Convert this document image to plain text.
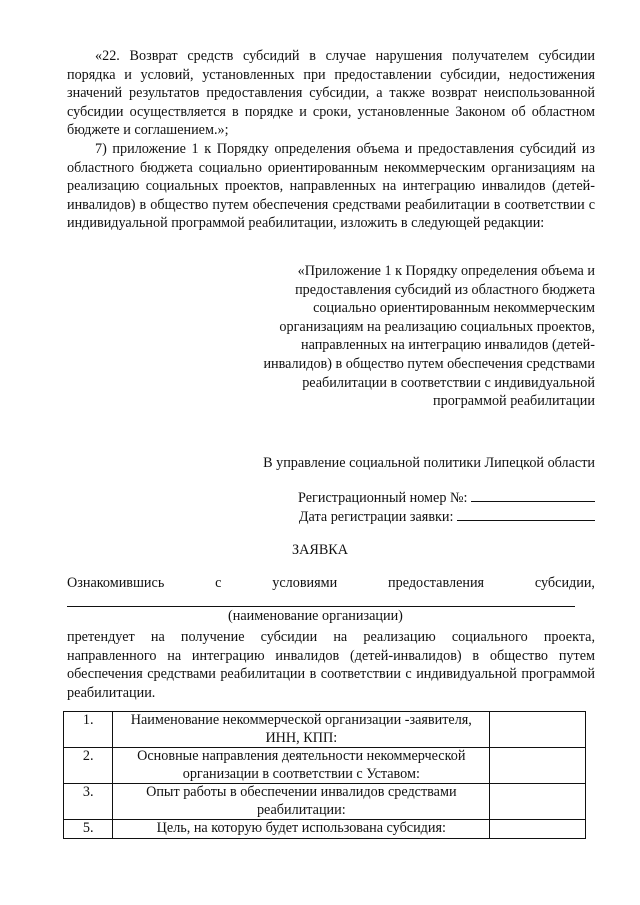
«22. Возврат средств субсидий в случае нарушения получателем субсидии порядка и условий, установленных при предоставлении субсидии, недостижения значений результатов предоставления субсидии, а также возврат неиспользованной субсидии осуществляется в порядке и сроки, установленные Законом об областном бюджете и соглашением.»;

7) приложение 1 к Порядку определения объема и предоставления субсидий из областного бюджета социально ориентированным некоммерческим организациям на реализацию социальных проектов, направленных на интеграцию инвалидов (детей-инвалидов) в общество путем обеспечения средствами реабилитации в соответствии с индивидуальной программой реабилитации, изложить в следующей редакции:

«Приложение 1 к Порядку определения объема и предоставления субсидий из областного бюджета социально ориентированным некоммерческим организациям на реализацию социальных проектов, направленных на интеграцию инвалидов (детей-инвалидов) в общество путем обеспечения средствами реабилитации в соответствии с индивидуальной программой реабилитации

В управление социальной политики Липецкой области

Регистрационный номер №:

Дата регистрации заявки:

ЗАЯВКА

Ознакомившись	с	условиями	предоставления	субсидии,

(наименование организации)

претендует на получение субсидии на реализацию социального проекта, направленного на интеграцию инвалидов (детей-инвалидов) в общество путем обеспечения средствами реабилитации в соответствии с индивидуальной программой реабилитации.

1.	Наименование некоммерческой организации -заявителя, ИНН, КПП:	
2.	Основные направления деятельности некоммерческой организации в соответствии с Уставом:	
3.	Опыт работы в обеспечении инвалидов средствами реабилитации:	
5.	Цель, на которую будет использована субсидия:	
